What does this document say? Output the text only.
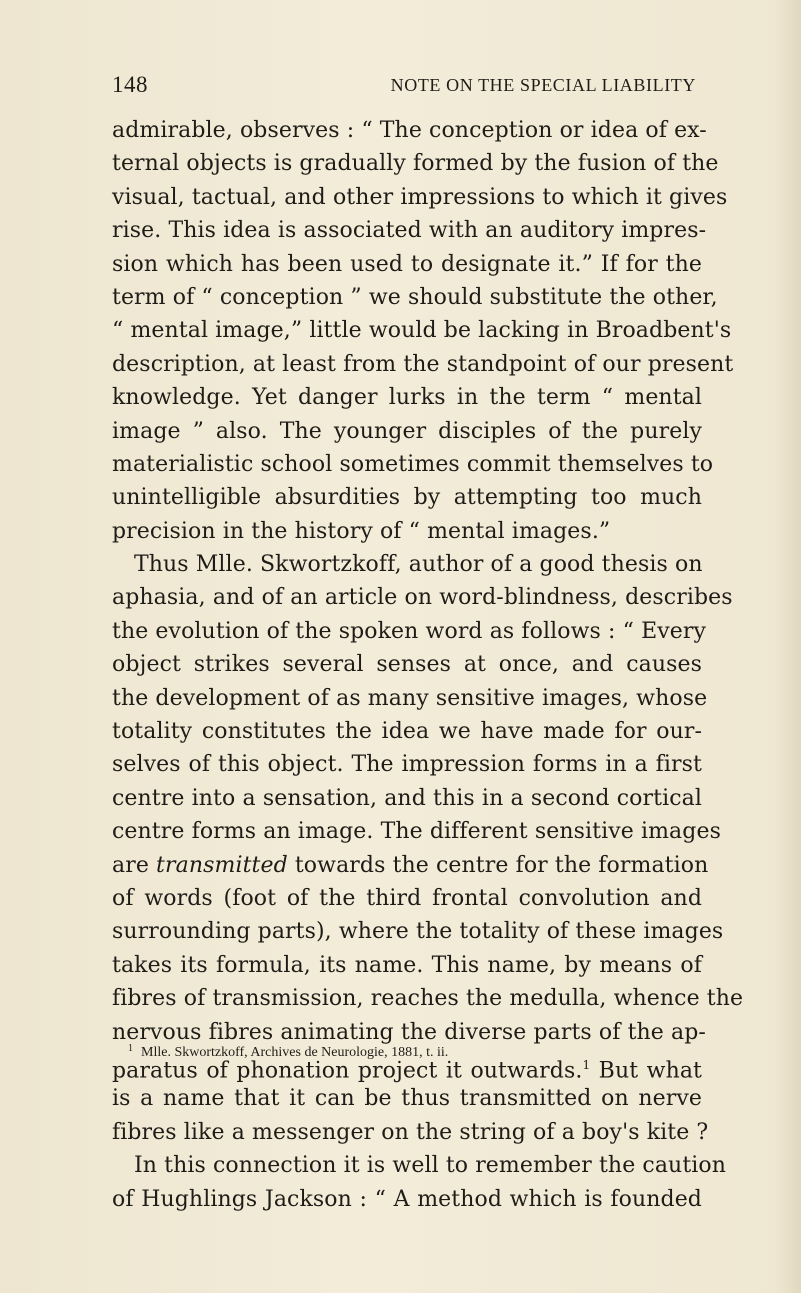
148	NOTE ON THE SPECIAL LIABILITY
admirable, observes : “ The conception or idea of ex-
ternal objects is gradually formed by the fusion of the
visual, tactual, and other impressions to which it gives
rise. This idea is associated with an auditory impres-
sion which has been used to designate it.” If for the
term of “ conception ” we should substitute the other,
“ mental image,” little would be lacking in Broadbent's
description, at least from the standpoint of our present
knowledge. Yet danger lurks in the term “ mental
image ” also. The younger disciples of the purely
materialistic school sometimes commit themselves to
unintelligible absurdities by attempting too much
precision in the history of “ mental images.”
Thus Mlle. Skwortzkoff, author of a good thesis on
aphasia, and of an article on word-blindness, describes
the evolution of the spoken word as follows : “ Every
object strikes several senses at once, and causes
the development of as many sensitive images, whose
totality constitutes the idea we have made for our-
selves of this object. The impression forms in a first
centre into a sensation, and this in a second cortical
centre forms an image. The different sensitive images
are transmitted towards the centre for the formation
of words (foot of the third frontal convolution and
surrounding parts), where the totality of these images
takes its formula, its name. This name, by means of
fibres of transmission, reaches the medulla, whence the
nervous fibres animating the diverse parts of the ap-
paratus of phonation project it outwards.$^1$ But what
is a name that it can be thus transmitted on nerve
fibres like a messenger on the string of a boy's kite ?
In this connection it is well to remember the caution
of Hughlings Jackson : “ A method which is founded
$^1$ Mlle. Skwortzkoff, Archives de Neurologie, 1881, t. ii.
